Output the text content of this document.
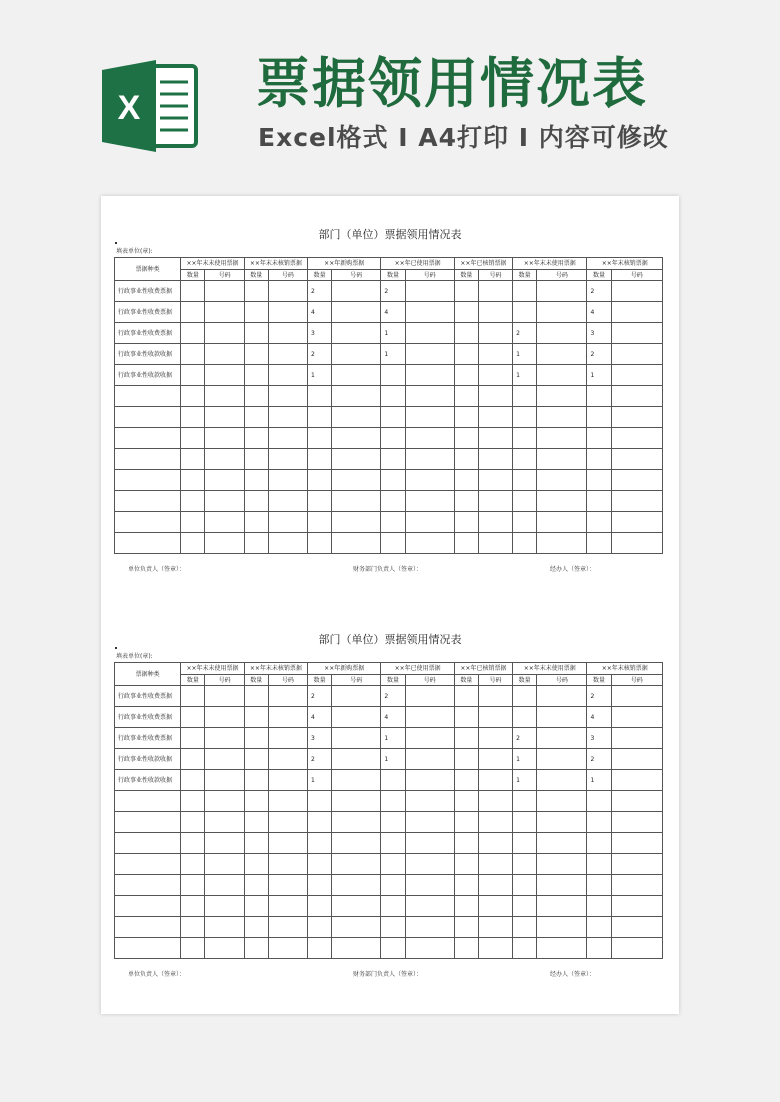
X 票据领用情况表
Excel格式 I A4打印 I 内容可修改
部门（单位）票据领用情况表
填表单位(章):
票据种类	××年末未使用票据		××年末未核销票据		××年新购票据		××年已使用票据		××年已核销票据		××年末未使用票据		××年末核销票据	
	数量	号码	数量	号码	数量	号码	数量	号码	数量	号码	数量	号码	数量	号码
行政事业性收费票据					2		2						2	
行政事业性收费票据					4		4						4	
行政事业性收费票据					3		1				2		3	
行政事业性收款收据					2		1				1		2	
行政事业性收款收据					1						1		1	

单位负责人（签章）：	财务部门负责人（签章）：	经办人（签章）：
部门（单位）票据领用情况表
填表单位(章):
票据种类	××年末未使用票据		××年末未核销票据		××年新购票据		××年已使用票据		××年已核销票据		××年末未使用票据		××年末核销票据	
	数量	号码	数量	号码	数量	号码	数量	号码	数量	号码	数量	号码	数量	号码
行政事业性收费票据					2		2						2	
行政事业性收费票据					4		4						4	
行政事业性收费票据					3		1				2		3	
行政事业性收款收据					2		1				1		2	
行政事业性收款收据					1						1		1	

单位负责人（签章）：	财务部门负责人（签章）：	经办人（签章）：
